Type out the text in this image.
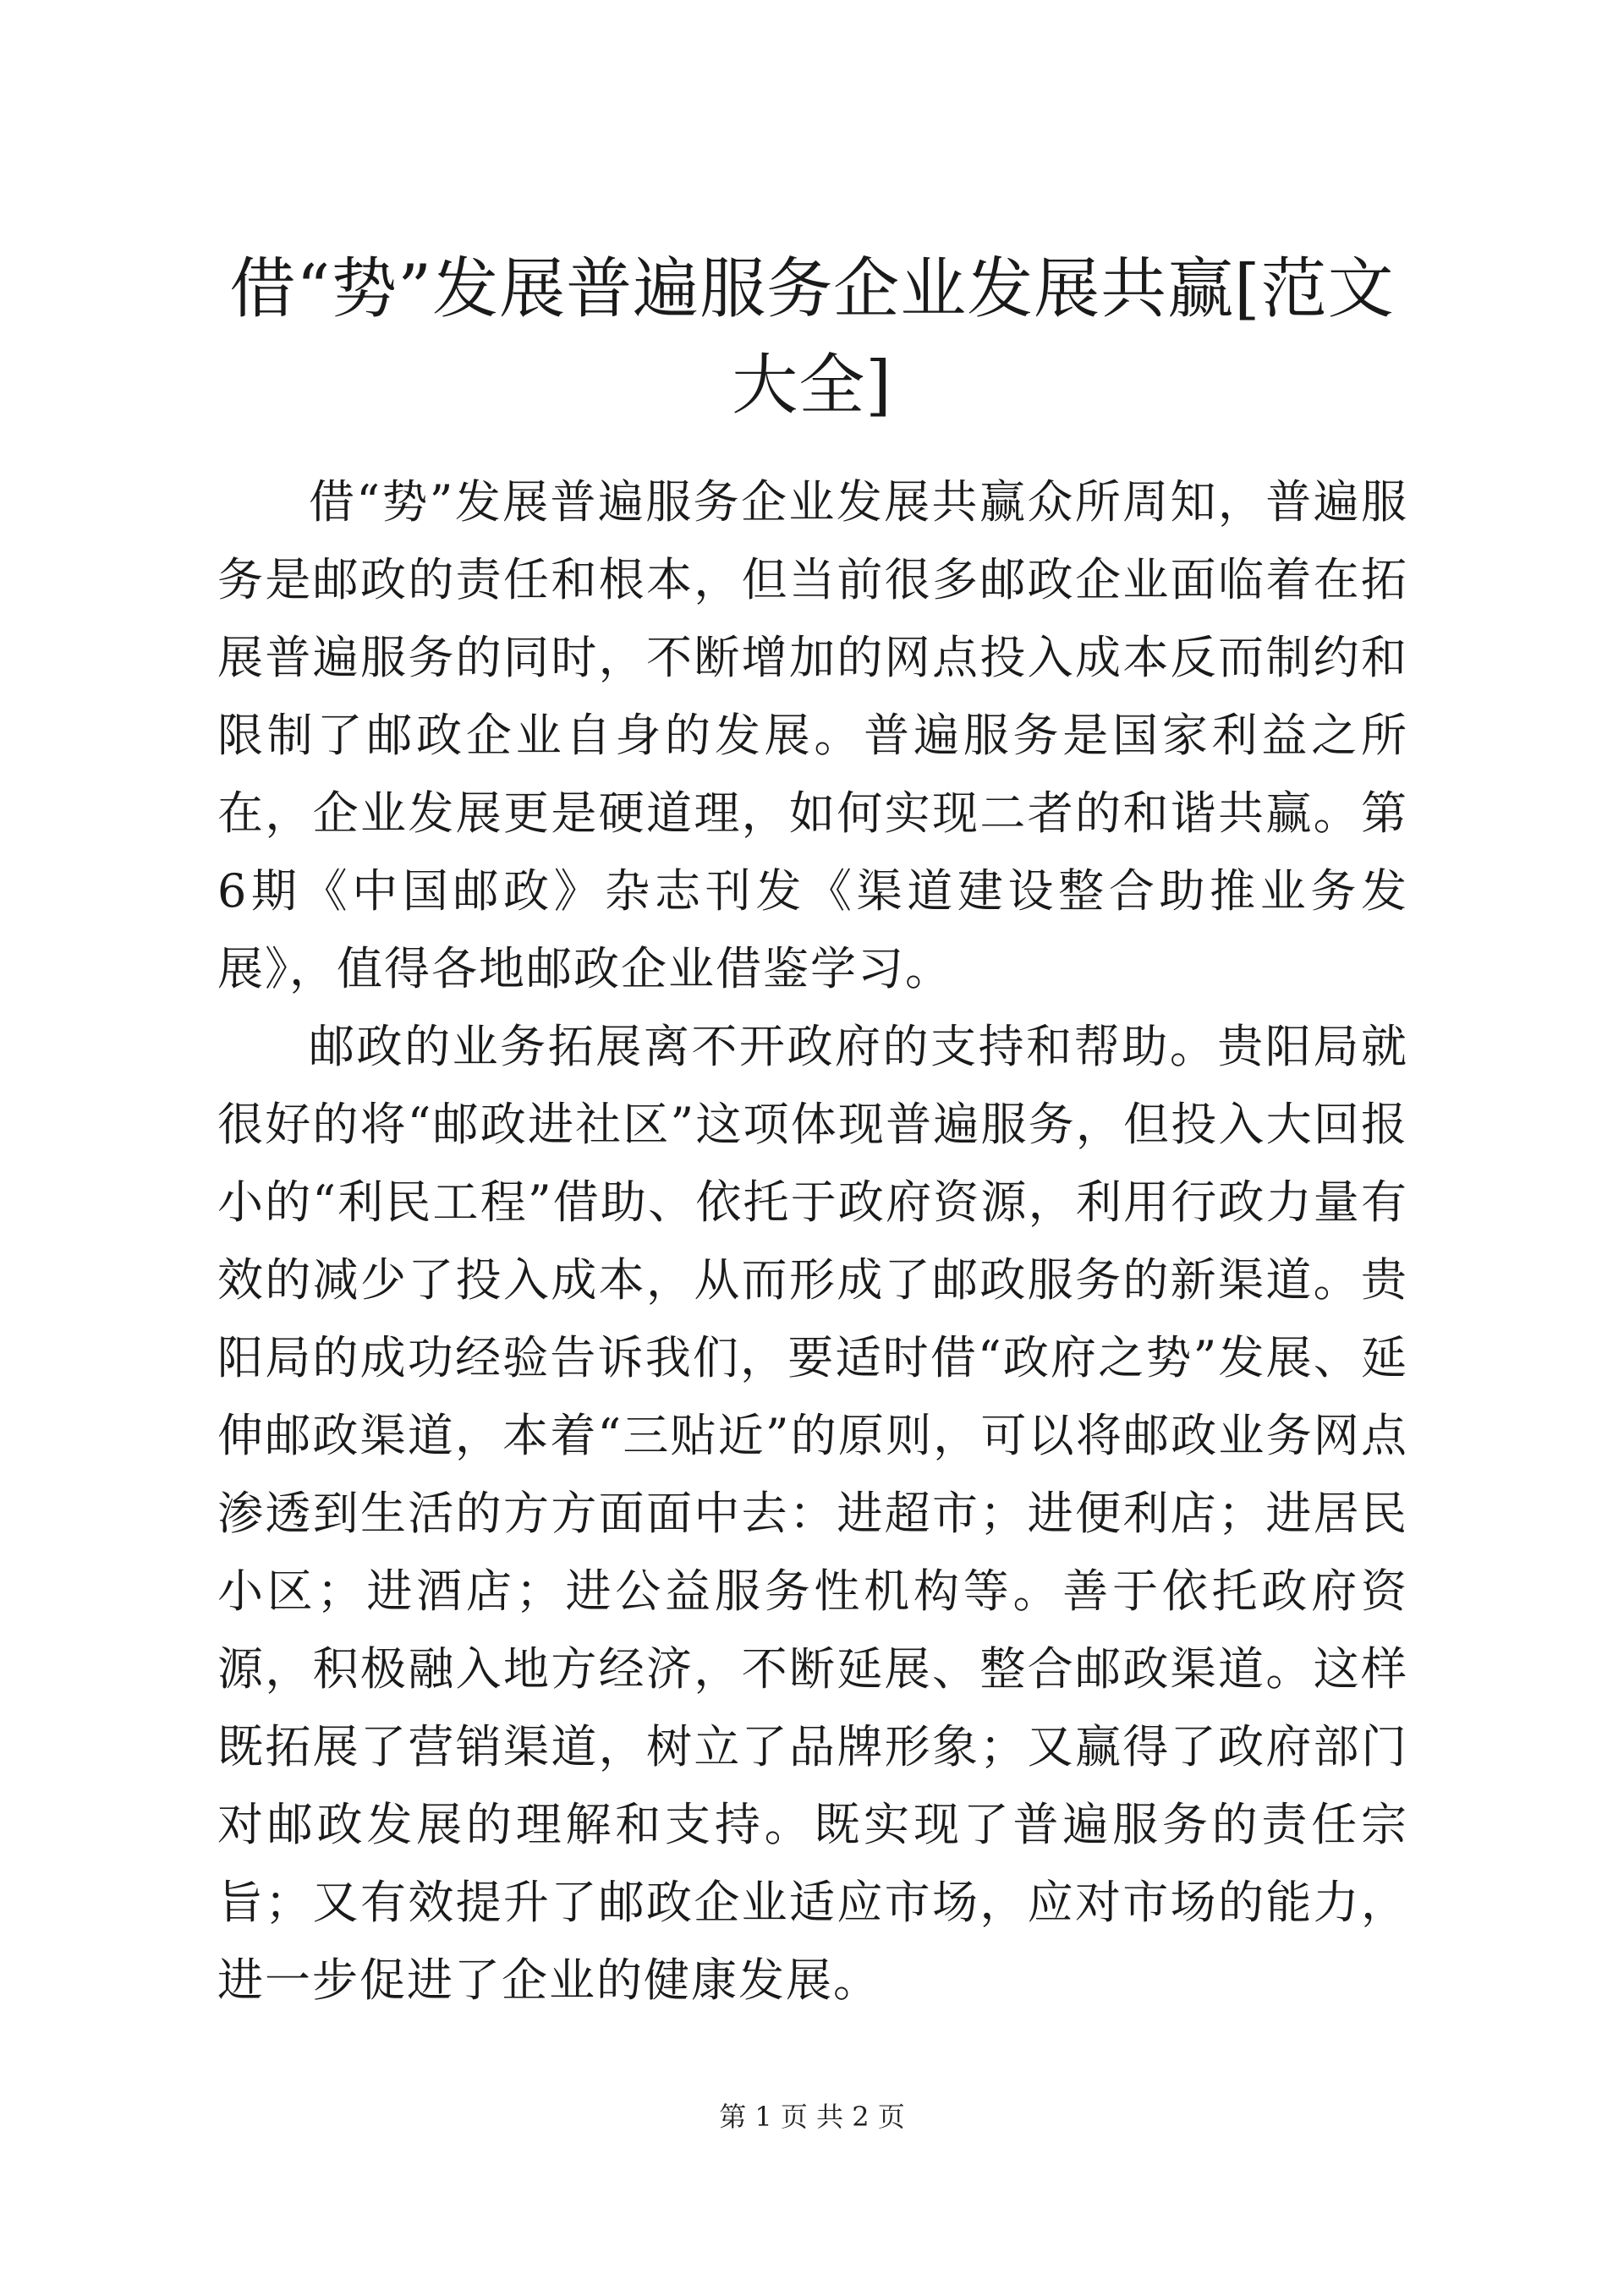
借“势”发展普遍服务企业发展共赢[范文大全]

借“势”发展普遍服务企业发展共赢众所周知，普遍服务是邮政的责任和根本，但当前很多邮政企业面临着在拓展普遍服务的同时，不断增加的网点投入成本反而制约和限制了邮政企业自身的发展。普遍服务是国家利益之所在，企业发展更是硬道理，如何实现二者的和谐共赢。第6期《中国邮政》杂志刊发《渠道建设整合助推业务发展》，值得各地邮政企业借鉴学习。

邮政的业务拓展离不开政府的支持和帮助。贵阳局就很好的将“邮政进社区”这项体现普遍服务，但投入大回报小的“利民工程”借助、依托于政府资源，利用行政力量有效的减少了投入成本，从而形成了邮政服务的新渠道。贵阳局的成功经验告诉我们，要适时借“政府之势”发展、延伸邮政渠道，本着“三贴近”的原则，可以将邮政业务网点渗透到生活的方方面面中去：进超市；进便利店；进居民小区；进酒店；进公益服务性机构等。善于依托政府资源，积极融入地方经济，不断延展、整合邮政渠道。这样既拓展了营销渠道，树立了品牌形象；又赢得了政府部门对邮政发展的理解和支持。既实现了普遍服务的责任宗旨；又有效提升了邮政企业适应市场，应对市场的能力，进一步促进了企业的健康发展。

第 1 页 共 2 页
